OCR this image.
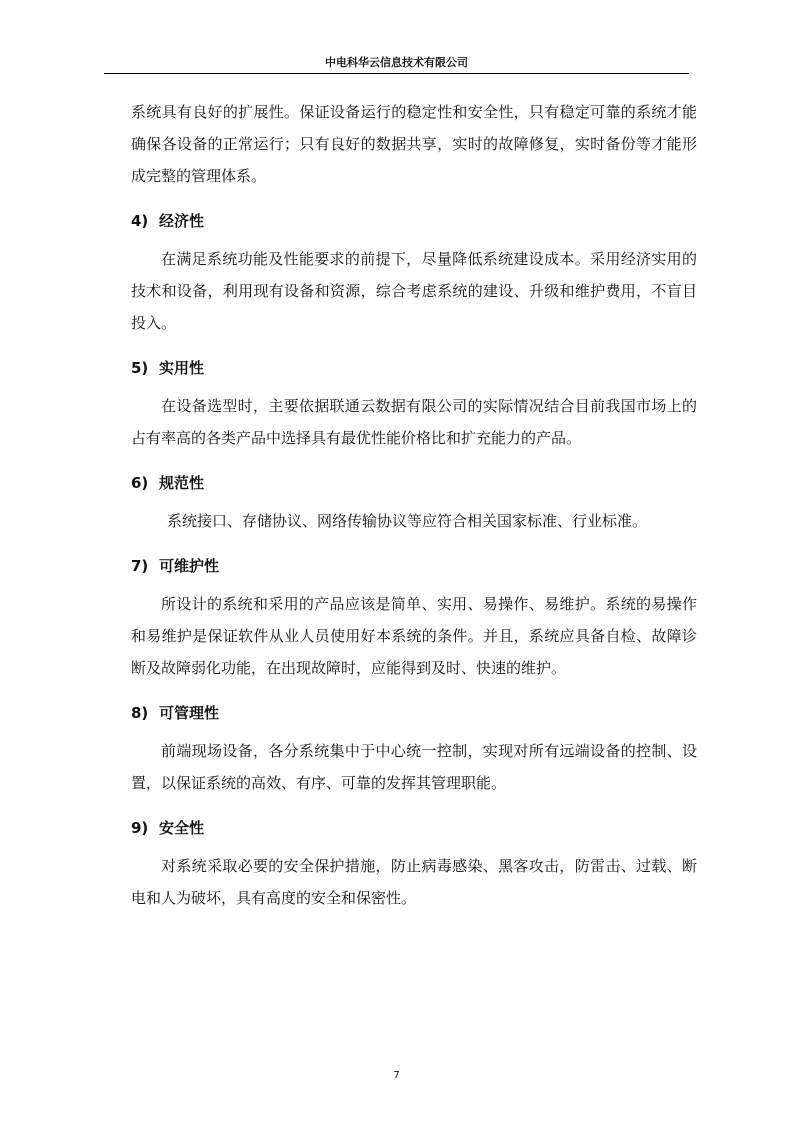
中电科华云信息技术有限公司

系统具有良好的扩展性。保证设备运行的稳定性和安全性，只有稳定可靠的系统才能确保各设备的正常运行；只有良好的数据共享，实时的故障修复，实时备份等才能形成完整的管理体系。

4) 经济性

在满足系统功能及性能要求的前提下，尽量降低系统建设成本。采用经济实用的技术和设备，利用现有设备和资源，综合考虑系统的建设、升级和维护费用，不盲目投入。

5) 实用性

在设备选型时，主要依据联通云数据有限公司的实际情况结合目前我国市场上的占有率高的各类产品中选择具有最优性能价格比和扩充能力的产品。

6) 规范性

系统接口、存储协议、网络传输协议等应符合相关国家标准、行业标准。

7) 可维护性

所设计的系统和采用的产品应该是简单、实用、易操作、易维护。系统的易操作和易维护是保证软件从业人员使用好本系统的条件。并且，系统应具备自检、故障诊断及故障弱化功能，在出现故障时，应能得到及时、快速的维护。

8) 可管理性

前端现场设备，各分系统集中于中心统一控制，实现对所有远端设备的控制、设置，以保证系统的高效、有序、可靠的发挥其管理职能。

9) 安全性

对系统采取必要的安全保护措施，防止病毒感染、黑客攻击，防雷击、过载、断电和人为破坏，具有高度的安全和保密性。

7
